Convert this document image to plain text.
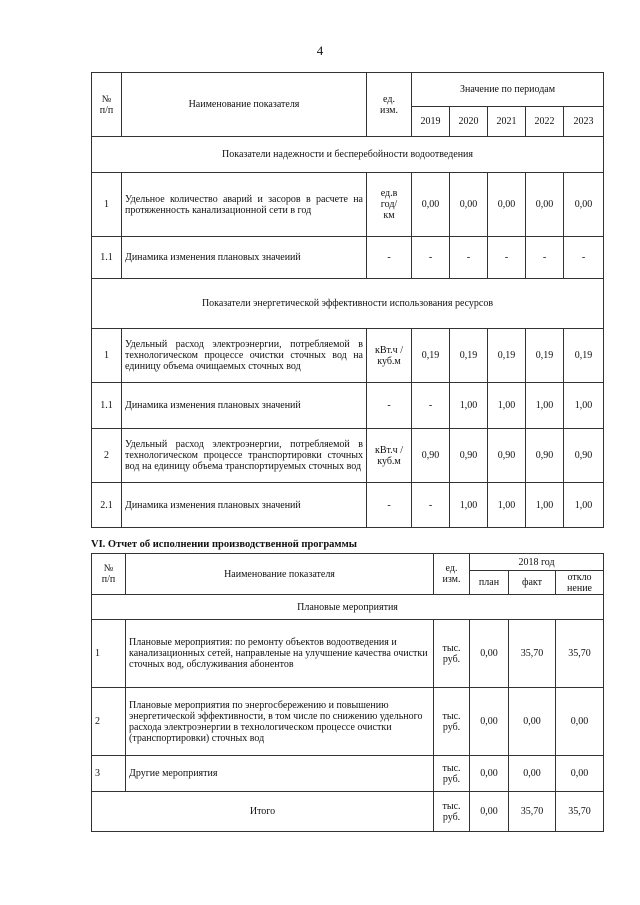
4
№
п/п	Наименование показателя	ед.
изм.	Значение по периодам				
			2019	2020	2021	2022	2023
Показатели надежности и бесперебойности водоотведения							
1	Удельное количество аварий и засоров в расчете на протяженность канализационной сети в год	ед.в
год/
км	0,00	0,00	0,00	0,00	0,00
1.1	Динамика изменения плановых значеиий	-	-	-	-	-	-
Показатели энергетической эффективности использования ресурсов							
1	Удельный расход электроэнергии, потребляемой в технологическом процессе очистки сточных вод на единицу объема очищаемых сточных вод	кВт.ч /
куб.м	0,19	0,19	0,19	0,19	0,19
1.1	Динамика изменения плановых значений	-	-	1,00	1,00	1,00	1,00
2	Удельный расход электроэнергии, потребляемой в технологическом процессе транспортировки сточных вод на единицу объема транспортируемых сточных вод	кВт.ч /
куб.м	0,90	0,90	0,90	0,90	0,90
2.1	Динамика изменения плановых значений	-	-	1,00	1,00	1,00	1,00
VI. Отчет об исполнении производственной программы
№
п/п	Наименование показателя	ед.
изм.	2018 год		
			план	факт	откло
нение
Плановые мероприятия					
1	Плановые мероприятия: по ремонту объектов водоотведения и канализационных сетей, направленые на улучшение качества очистки сточных вод, обслуживания абонентов	тыс.
руб.	0,00	35,70	35,70
2	Плановые мероприятия по энергосбережению и повышению энергетической эффективности, в том числе по снижению удельного расхода электроэнергии в технологическом процессе очистки (транспортировки) сточных вод	тыс.
руб.	0,00	0,00	0,00
3	Другие мероприятия	тыс.
руб.	0,00	0,00	0,00
Итого		тыс.
руб.	0,00	35,70	35,70
